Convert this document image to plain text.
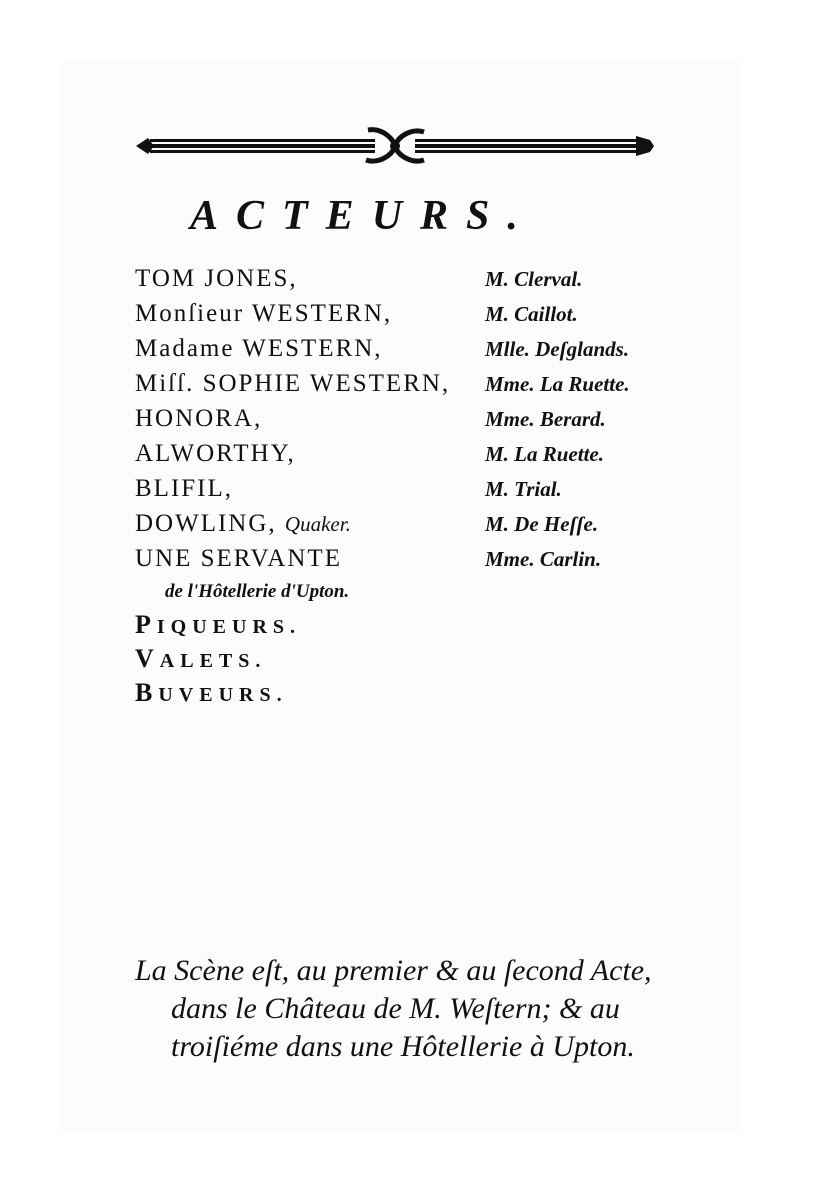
ACTEURS.
TOM JONES,	M. Clerval.
Monſieur WESTERN,	M. Caillot.
Madame WESTERN,	Mlle. Deſglands.
Miſſ. SOPHIE WESTERN, Mme. La Ruette.
HONORA,	Mme. Berard.
ALWORTHY,	M. La Ruette.
BLIFIL,	M. Trial.
DOWLING, Quaker.	M. De Heſſe.
UNE SERVANTE	Mme. Carlin.
de l'Hôtellerie d'Upton.
PIQUEURS.
VALETS.
BUVEURS.
La Scène eſt, au premier & au ſecond Acte,
dans le Château de M. Weſtern; & au
troiſiéme dans une Hôtellerie à Upton.
